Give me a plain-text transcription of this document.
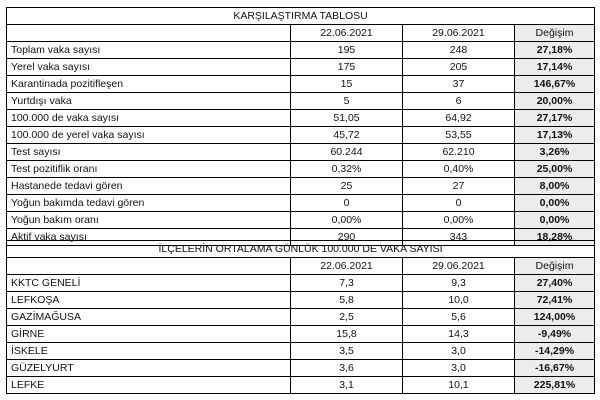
KARŞILAŞTIRMA TABLOSU			
	22.06.2021	29.06.2021	Değişim
Toplam vaka sayısı	195	248	27,18%
Yerel vaka sayısı	175	205	17,14%
Karantinada pozitifleşen	15	37	146,67%
Yurtdışı vaka	5	6	20,00%
100.000 de vaka sayısı	51,05	64,92	27,17%
100.000 de yerel vaka sayısı	45,72	53,55	17,13%
Test sayısı	60.244	62.210	3,26%
Test pozitiflik oranı	0,32%	0,40%	25,00%
Hastanede tedavi gören	25	27	8,00%
Yoğun bakımda tedavi gören	0	0	0,00%
Yoğun bakım oranı	0,00%	0,00%	0,00%
Aktif vaka sayısı	290	343	18,28%
İLÇELERİN ORTALAMA GÜNLÜK 100.000 DE VAKA SAYISI			
	22.06.2021	29.06.2021	Değişim
KKTC GENELİ	7,3	9,3	27,40%
LEFKOŞA	5,8	10,0	72,41%
GAZİMAĞUSA	2,5	5,6	124,00%
GİRNE	15,8	14,3	-9,49%
İSKELE	3,5	3,0	-14,29%
GÜZELYURT	3,6	3,0	-16,67%
LEFKE	3,1	10,1	225,81%
